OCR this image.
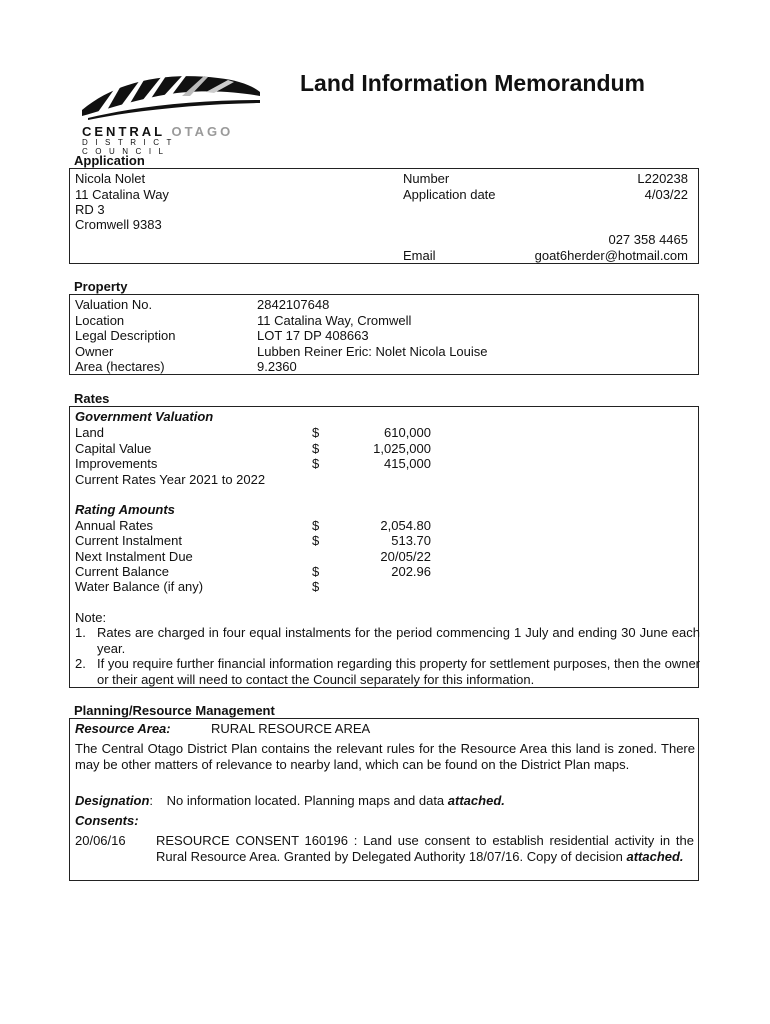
CENTRAL OTAGO
DISTRICT COUNCIL
Land Information Memorandum
Application
Nicola Nolet
11 Catalina Way
RD 3
Cromwell 9383
Number	L220238
Application date	4/03/22
027 358 4465
Email	goat6herder@hotmail.com
Property
Valuation No.	2842107648
Location	11 Catalina Way, Cromwell
Legal Description	LOT 17 DP 408663
Owner	Lubben Reiner Eric: Nolet Nicola Louise
Area (hectares)	9.2360
Rates
Government Valuation
Land	$	610,000
Capital Value	$	1,025,000
Improvements	$	415,000
Current Rates Year 2021 to 2022
Rating Amounts
Annual Rates	$	2,054.80
Current Instalment	$	513.70
Next Instalment Due	20/05/22
Current Balance	$	202.96
Water Balance (if any)	$
Note:
1. Rates are charged in four equal instalments for the period commencing 1 July and ending 30 June each year.
2. If you require further financial information regarding this property for settlement purposes, then the owner or their agent will need to contact the Council separately for this information.
Planning/Resource Management
Resource Area:	RURAL RESOURCE AREA
The Central Otago District Plan contains the relevant rules for the Resource Area this land is zoned. There may be other matters of relevance to nearby land, which can be found on the District Plan maps.
Designation: No information located. Planning maps and data attached.
Consents:
20/06/16 RESOURCE CONSENT 160196 : Land use consent to establish residential activity in the Rural Resource Area. Granted by Delegated Authority 18/07/16. Copy of decision attached.
